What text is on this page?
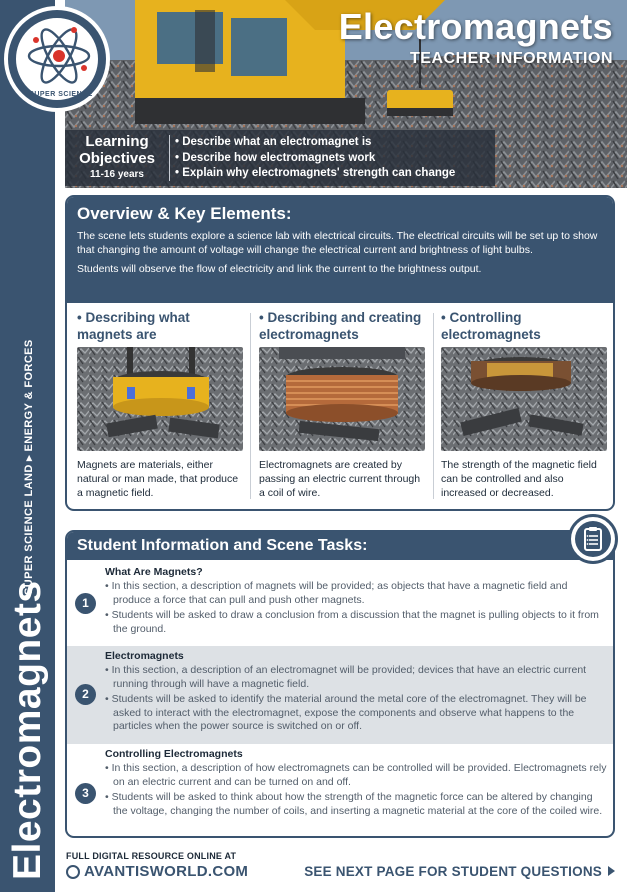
SUPER SCIENCE LAND ▸ ENERGY & FORCES
Electromagnets
SUPER SCIENCE
Electromagnets
TEACHER INFORMATION
Learning
Objectives
11-16 years
• Describe what an electromagnet is
• Describe how electromagnets work
• Explain why electromagnets' strength can change
Overview & Key Elements:

The scene lets students explore a science lab with electrical circuits. The electrical circuits will be set up to show that changing the amount of voltage will change the electrical current and brightness of light bulbs.

Students will observe the flow of electricity and link the current to the brightness output.

• Describing what magnets are
Magnets are materials, either natural or man made, that produce a magnetic field.
• Describing and creating electromagnets
Electromagnets are created by passing an electric current through a coil of wire.
• Controlling electromagnets
The strength of the magnetic field can be controlled and also increased or decreased.
Student Information and Scene Tasks:
1
What Are Magnets?
• In this section, a description of magnets will be provided; as objects that have a magnetic field and produce a force that can pull and push other magnets.
• Students will be asked to draw a conclusion from a discussion that the magnet is pulling objects to it from the ground.
2
Electromagnets
• In this section, a description of an electromagnet will be provided; devices that have an electric current running through will have a magnetic field.
• Students will be asked to identify the material around the metal core of the electromagnet. They will be asked to interact with the electromagnet, expose the components and observe what happens to the particles when the power source is switched on or off.
3
Controlling Electromagnets
• In this section, a description of how electromagnets can be controlled will be provided. Electromagnets rely on an electric current and can be turned on and off.
• Students will be asked to think about how the strength of the magnetic force can be altered by changing the voltage, changing the number of coils, and inserting a magnetic material at the core of the coiled wire.
FULL DIGITAL RESOURCE ONLINE AT
AVANTISWORLD.COM	SEE NEXT PAGE FOR STUDENT QUESTIONS
